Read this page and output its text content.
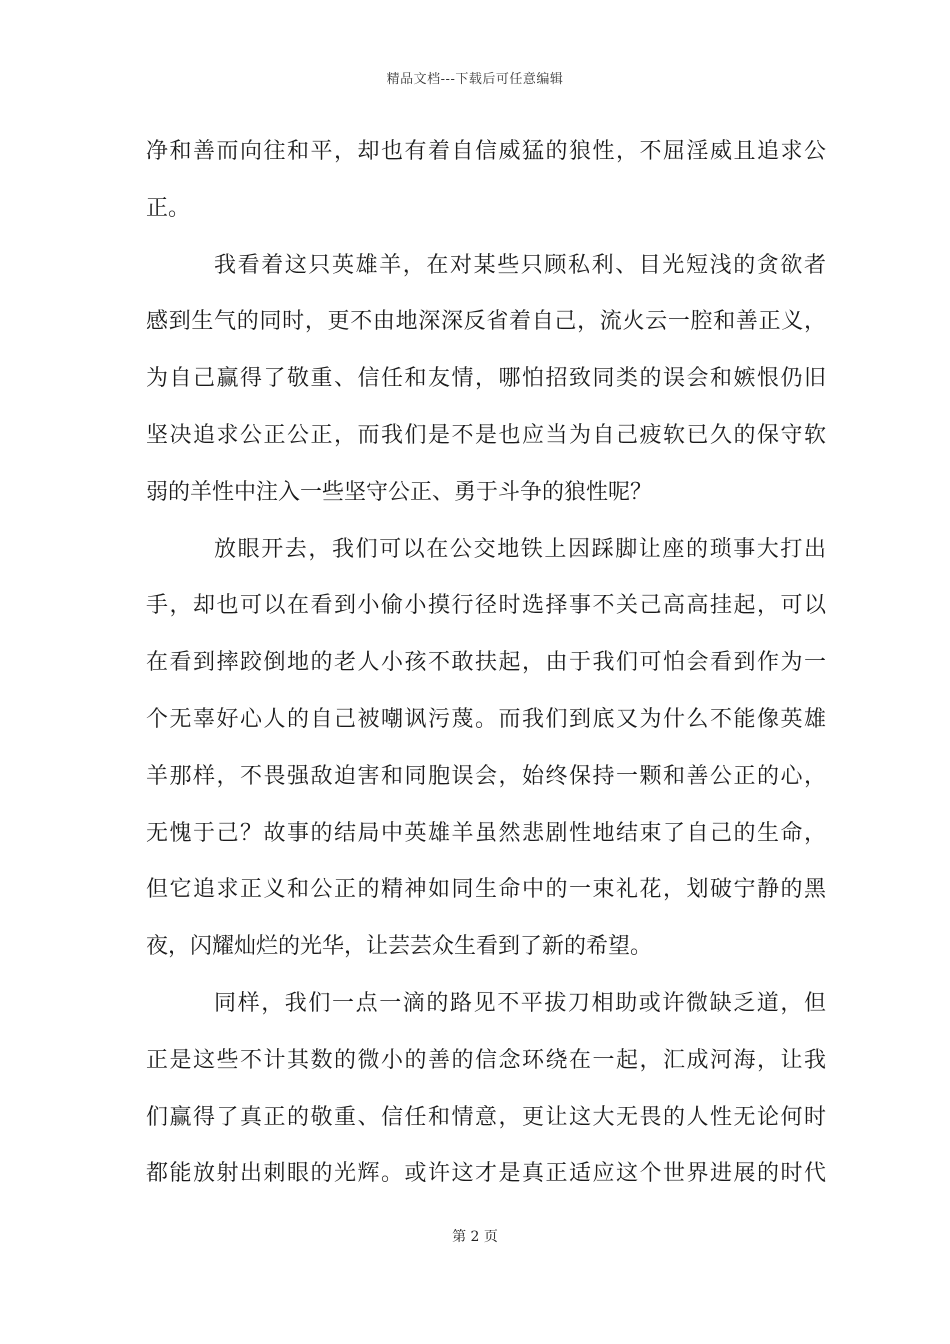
精品文档---下载后可任意编辑
净和善而向往和平，却也有着自信威猛的狼性，不屈淫威且追求公
正。
我看着这只英雄羊，在对某些只顾私利、目光短浅的贪欲者
感到生气的同时，更不由地深深反省着自己，流火云一腔和善正义，
为自己赢得了敬重、信任和友情，哪怕招致同类的误会和嫉恨仍旧
坚决追求公正公正，而我们是不是也应当为自己疲软已久的保守软
弱的羊性中注入一些坚守公正、勇于斗争的狼性呢？
放眼开去，我们可以在公交地铁上因踩脚让座的琐事大打出
手，却也可以在看到小偷小摸行径时选择事不关己高高挂起，可以
在看到摔跤倒地的老人小孩不敢扶起，由于我们可怕会看到作为一
个无辜好心人的自己被嘲讽污蔑。而我们到底又为什么不能像英雄
羊那样，不畏强敌迫害和同胞误会，始终保持一颗和善公正的心，
无愧于己？故事的结局中英雄羊虽然悲剧性地结束了自己的生命，
但它追求正义和公正的精神如同生命中的一束礼花，划破宁静的黑
夜，闪耀灿烂的光华，让芸芸众生看到了新的希望。
同样，我们一点一滴的路见不平拔刀相助或许微缺乏道，但
正是这些不计其数的微小的善的信念环绕在一起，汇成河海，让我
们赢得了真正的敬重、信任和情意，更让这大无畏的人性无论何时
都能放射出刺眼的光辉。或许这才是真正适应这个世界进展的时代
第 2 页
